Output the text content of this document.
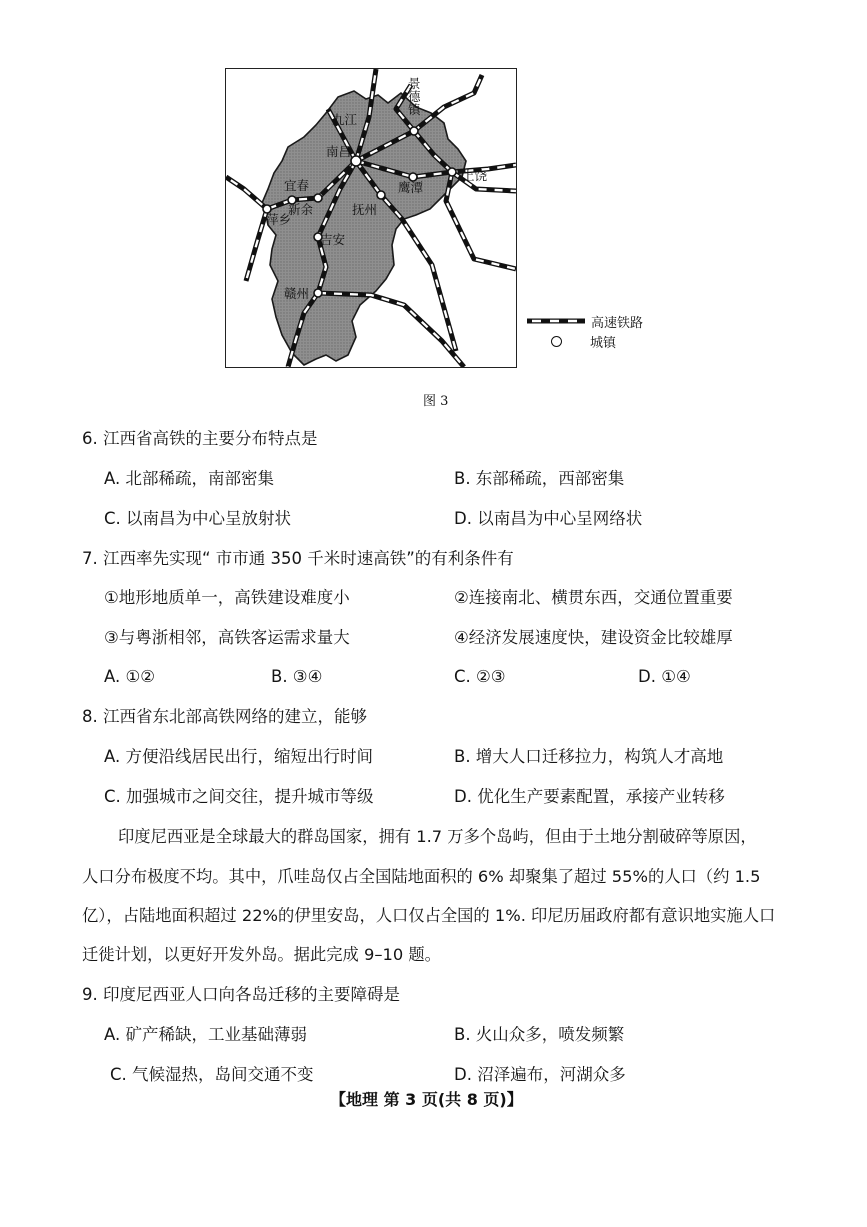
景德镇
九江
南昌
上饶
鹰潭
宜春
新余
萍乡
抚州
吉安
赣州
高速铁路
城镇
图 3
6. 江西省高铁的主要分布特点是
A. 北部稀疏，南部密集	B. 东部稀疏，西部密集
C. 以南昌为中心呈放射状	D. 以南昌为中心呈网络状
7. 江西率先实现“ 市市通 350 千米时速高铁”的有利条件有
①地形地质单一，高铁建设难度小	②连接南北、横贯东西，交通位置重要
③与粤浙相邻，高铁客运需求量大	④经济发展速度快，建设资金比较雄厚
A. ①②	B. ③④	C. ②③	D. ①④
8. 江西省东北部高铁网络的建立，能够
A. 方便沿线居民出行，缩短出行时间	B. 增大人口迁移拉力，构筑人才高地
C. 加强城市之间交往，提升城市等级	D. 优化生产要素配置，承接产业转移
印度尼西亚是全球最大的群岛国家，拥有 1.7 万多个岛屿，但由于土地分割破碎等原因，
人口分布极度不均。其中，爪哇岛仅占全国陆地面积的 6% 却聚集了超过 55%的人口（约 1.5
亿），占陆地面积超过 22%的伊里安岛，人口仅占全国的 1%. 印尼历届政府都有意识地实施人口
迁徙计划，以更好开发外岛。据此完成 9–10 题。
9. 印度尼西亚人口向各岛迁移的主要障碍是
A. 矿产稀缺，工业基础薄弱	B. 火山众多，喷发频繁
C. 气候湿热，岛间交通不变	D. 沼泽遍布，河湖众多
【地理 第 3 页(共 8 页)】
